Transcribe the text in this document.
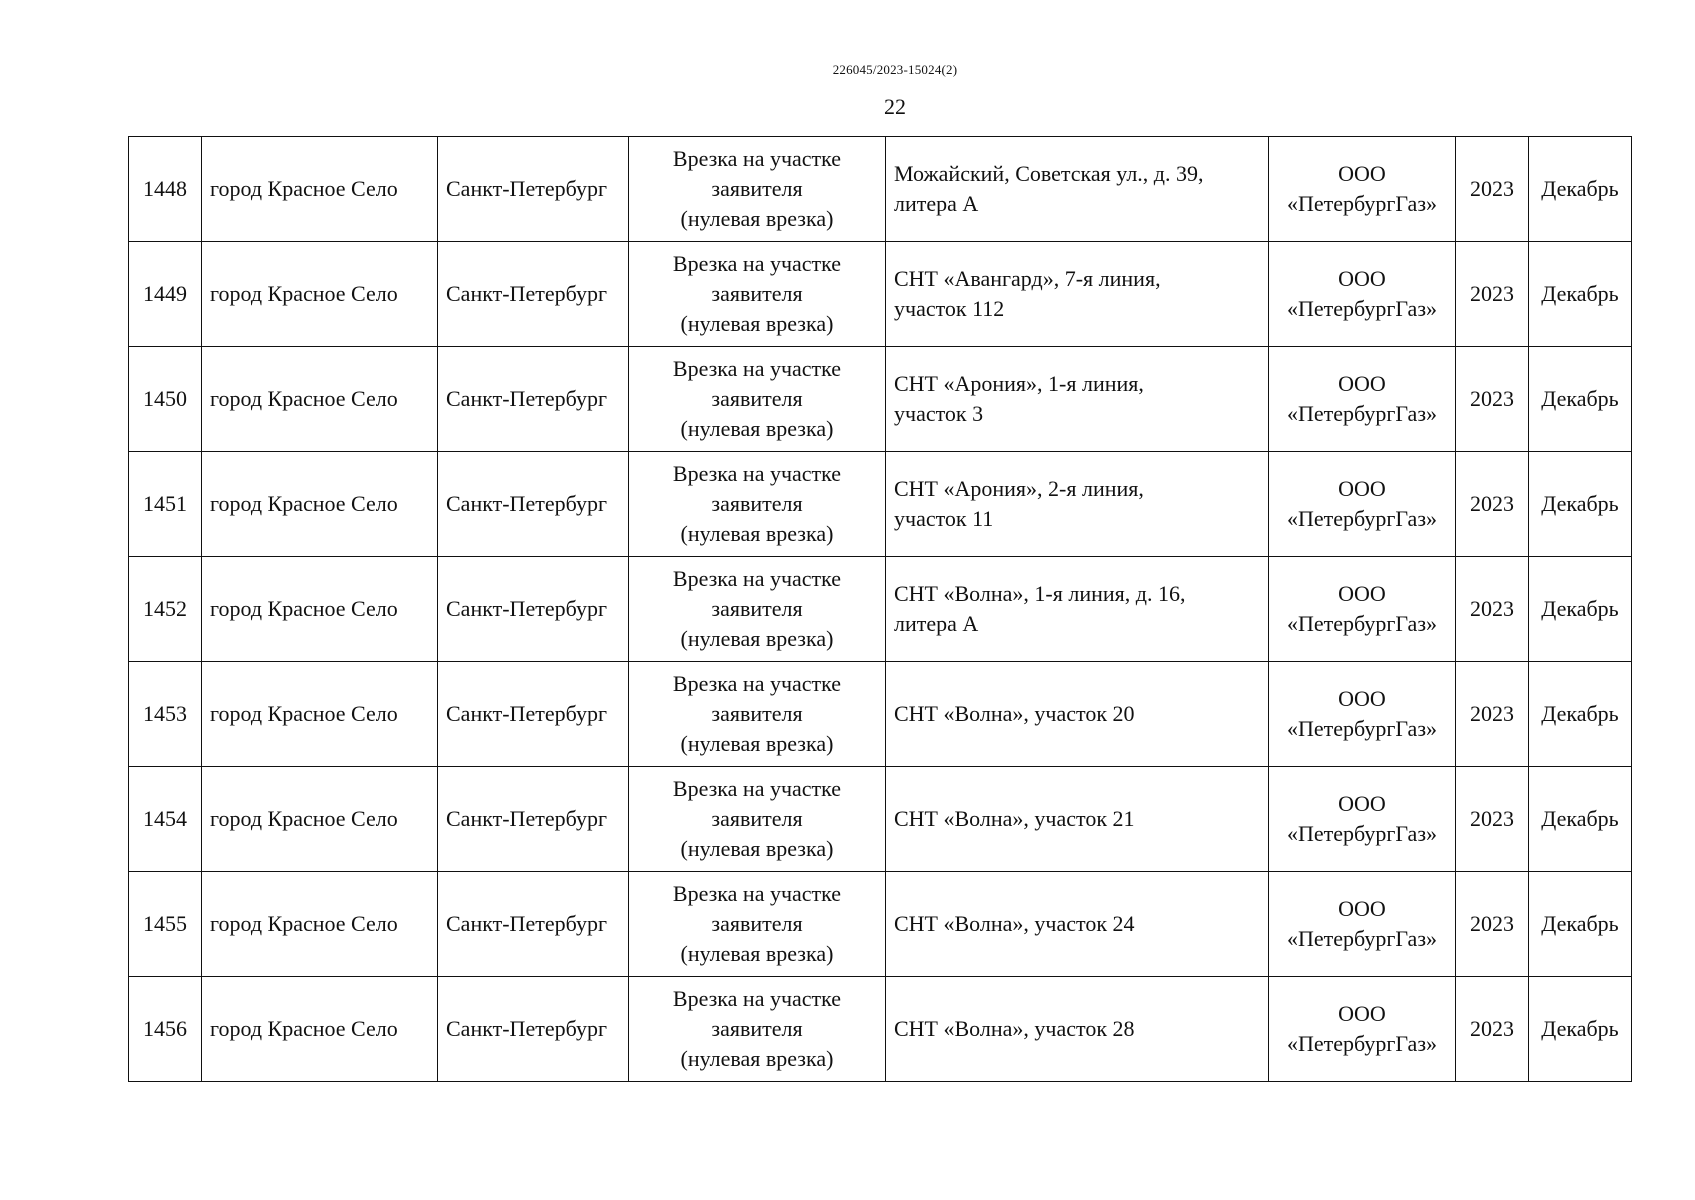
226045/2023-15024(2)
22
1448	город Красное Село	Санкт-Петербург	Врезка на участке
заявителя
(нулевая врезка)	Можайский, Советская ул., д. 39,
литера А	ООО
«ПетербургГаз»	2023	Декабрь
1449	город Красное Село	Санкт-Петербург	Врезка на участке
заявителя
(нулевая врезка)	СНТ «Авангард», 7-я линия,
участок 112	ООО
«ПетербургГаз»	2023	Декабрь
1450	город Красное Село	Санкт-Петербург	Врезка на участке
заявителя
(нулевая врезка)	СНТ «Арония», 1-я линия,
участок 3	ООО
«ПетербургГаз»	2023	Декабрь
1451	город Красное Село	Санкт-Петербург	Врезка на участке
заявителя
(нулевая врезка)	СНТ «Арония», 2-я линия,
участок 11	ООО
«ПетербургГаз»	2023	Декабрь
1452	город Красное Село	Санкт-Петербург	Врезка на участке
заявителя
(нулевая врезка)	СНТ «Волна», 1-я линия, д. 16,
литера А	ООО
«ПетербургГаз»	2023	Декабрь
1453	город Красное Село	Санкт-Петербург	Врезка на участке
заявителя
(нулевая врезка)	СНТ «Волна», участок 20	ООО
«ПетербургГаз»	2023	Декабрь
1454	город Красное Село	Санкт-Петербург	Врезка на участке
заявителя
(нулевая врезка)	СНТ «Волна», участок 21	ООО
«ПетербургГаз»	2023	Декабрь
1455	город Красное Село	Санкт-Петербург	Врезка на участке
заявителя
(нулевая врезка)	СНТ «Волна», участок 24	ООО
«ПетербургГаз»	2023	Декабрь
1456	город Красное Село	Санкт-Петербург	Врезка на участке
заявителя
(нулевая врезка)	СНТ «Волна», участок 28	ООО
«ПетербургГаз»	2023	Декабрь
